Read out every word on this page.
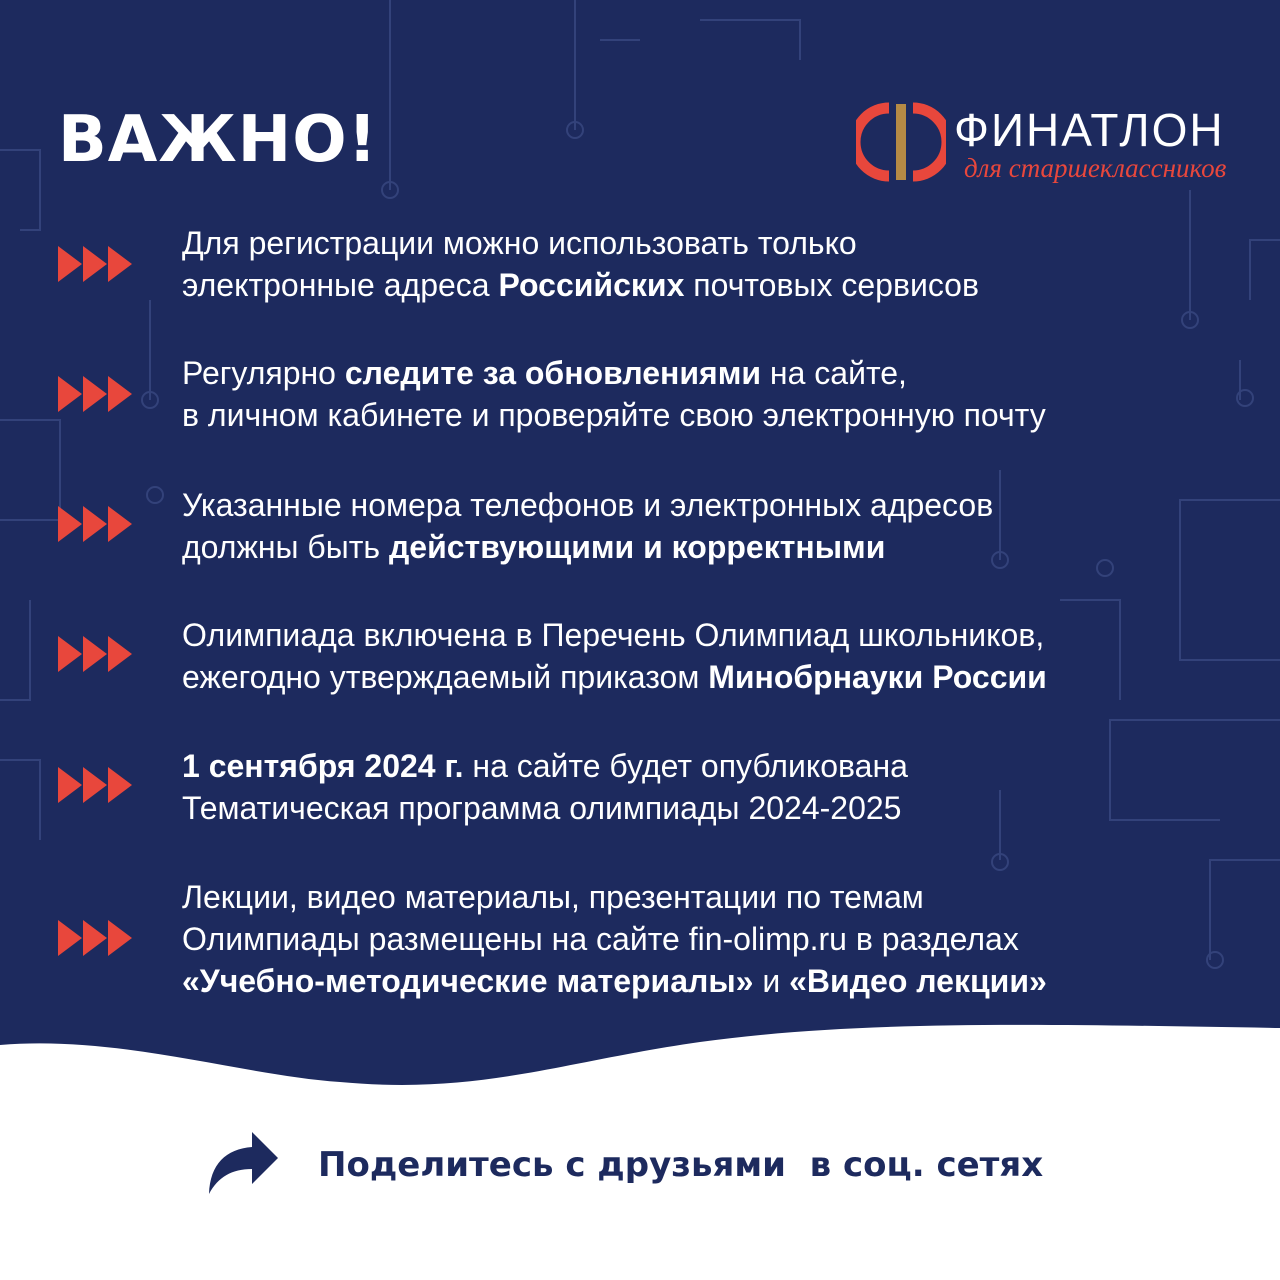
ВАЖНО!	ФИНАТЛОН
для старшеклассников

Для регистрации можно использовать только
электронные адреса Российских почтовых сервисов

Регулярно следите за обновлениями на сайте,
в личном кабинете и проверяйте свою электронную почту

Указанные номера телефонов и электронных адресов
должны быть действующими и корректными

Олимпиада включена в Перечень Олимпиад школьников,
ежегодно утверждаемый приказом Минобрнауки России

1 сентября 2024 г. на сайте будет опубликована
Тематическая программа олимпиады 2024-2025

Лекции, видео материалы, презентации по темам
Олимпиады размещены на сайте fin-olimp.ru в разделах
«Учебно-методические материалы» и «Видео лекции»

Поделитесь с друзьями  в соц. сетях
